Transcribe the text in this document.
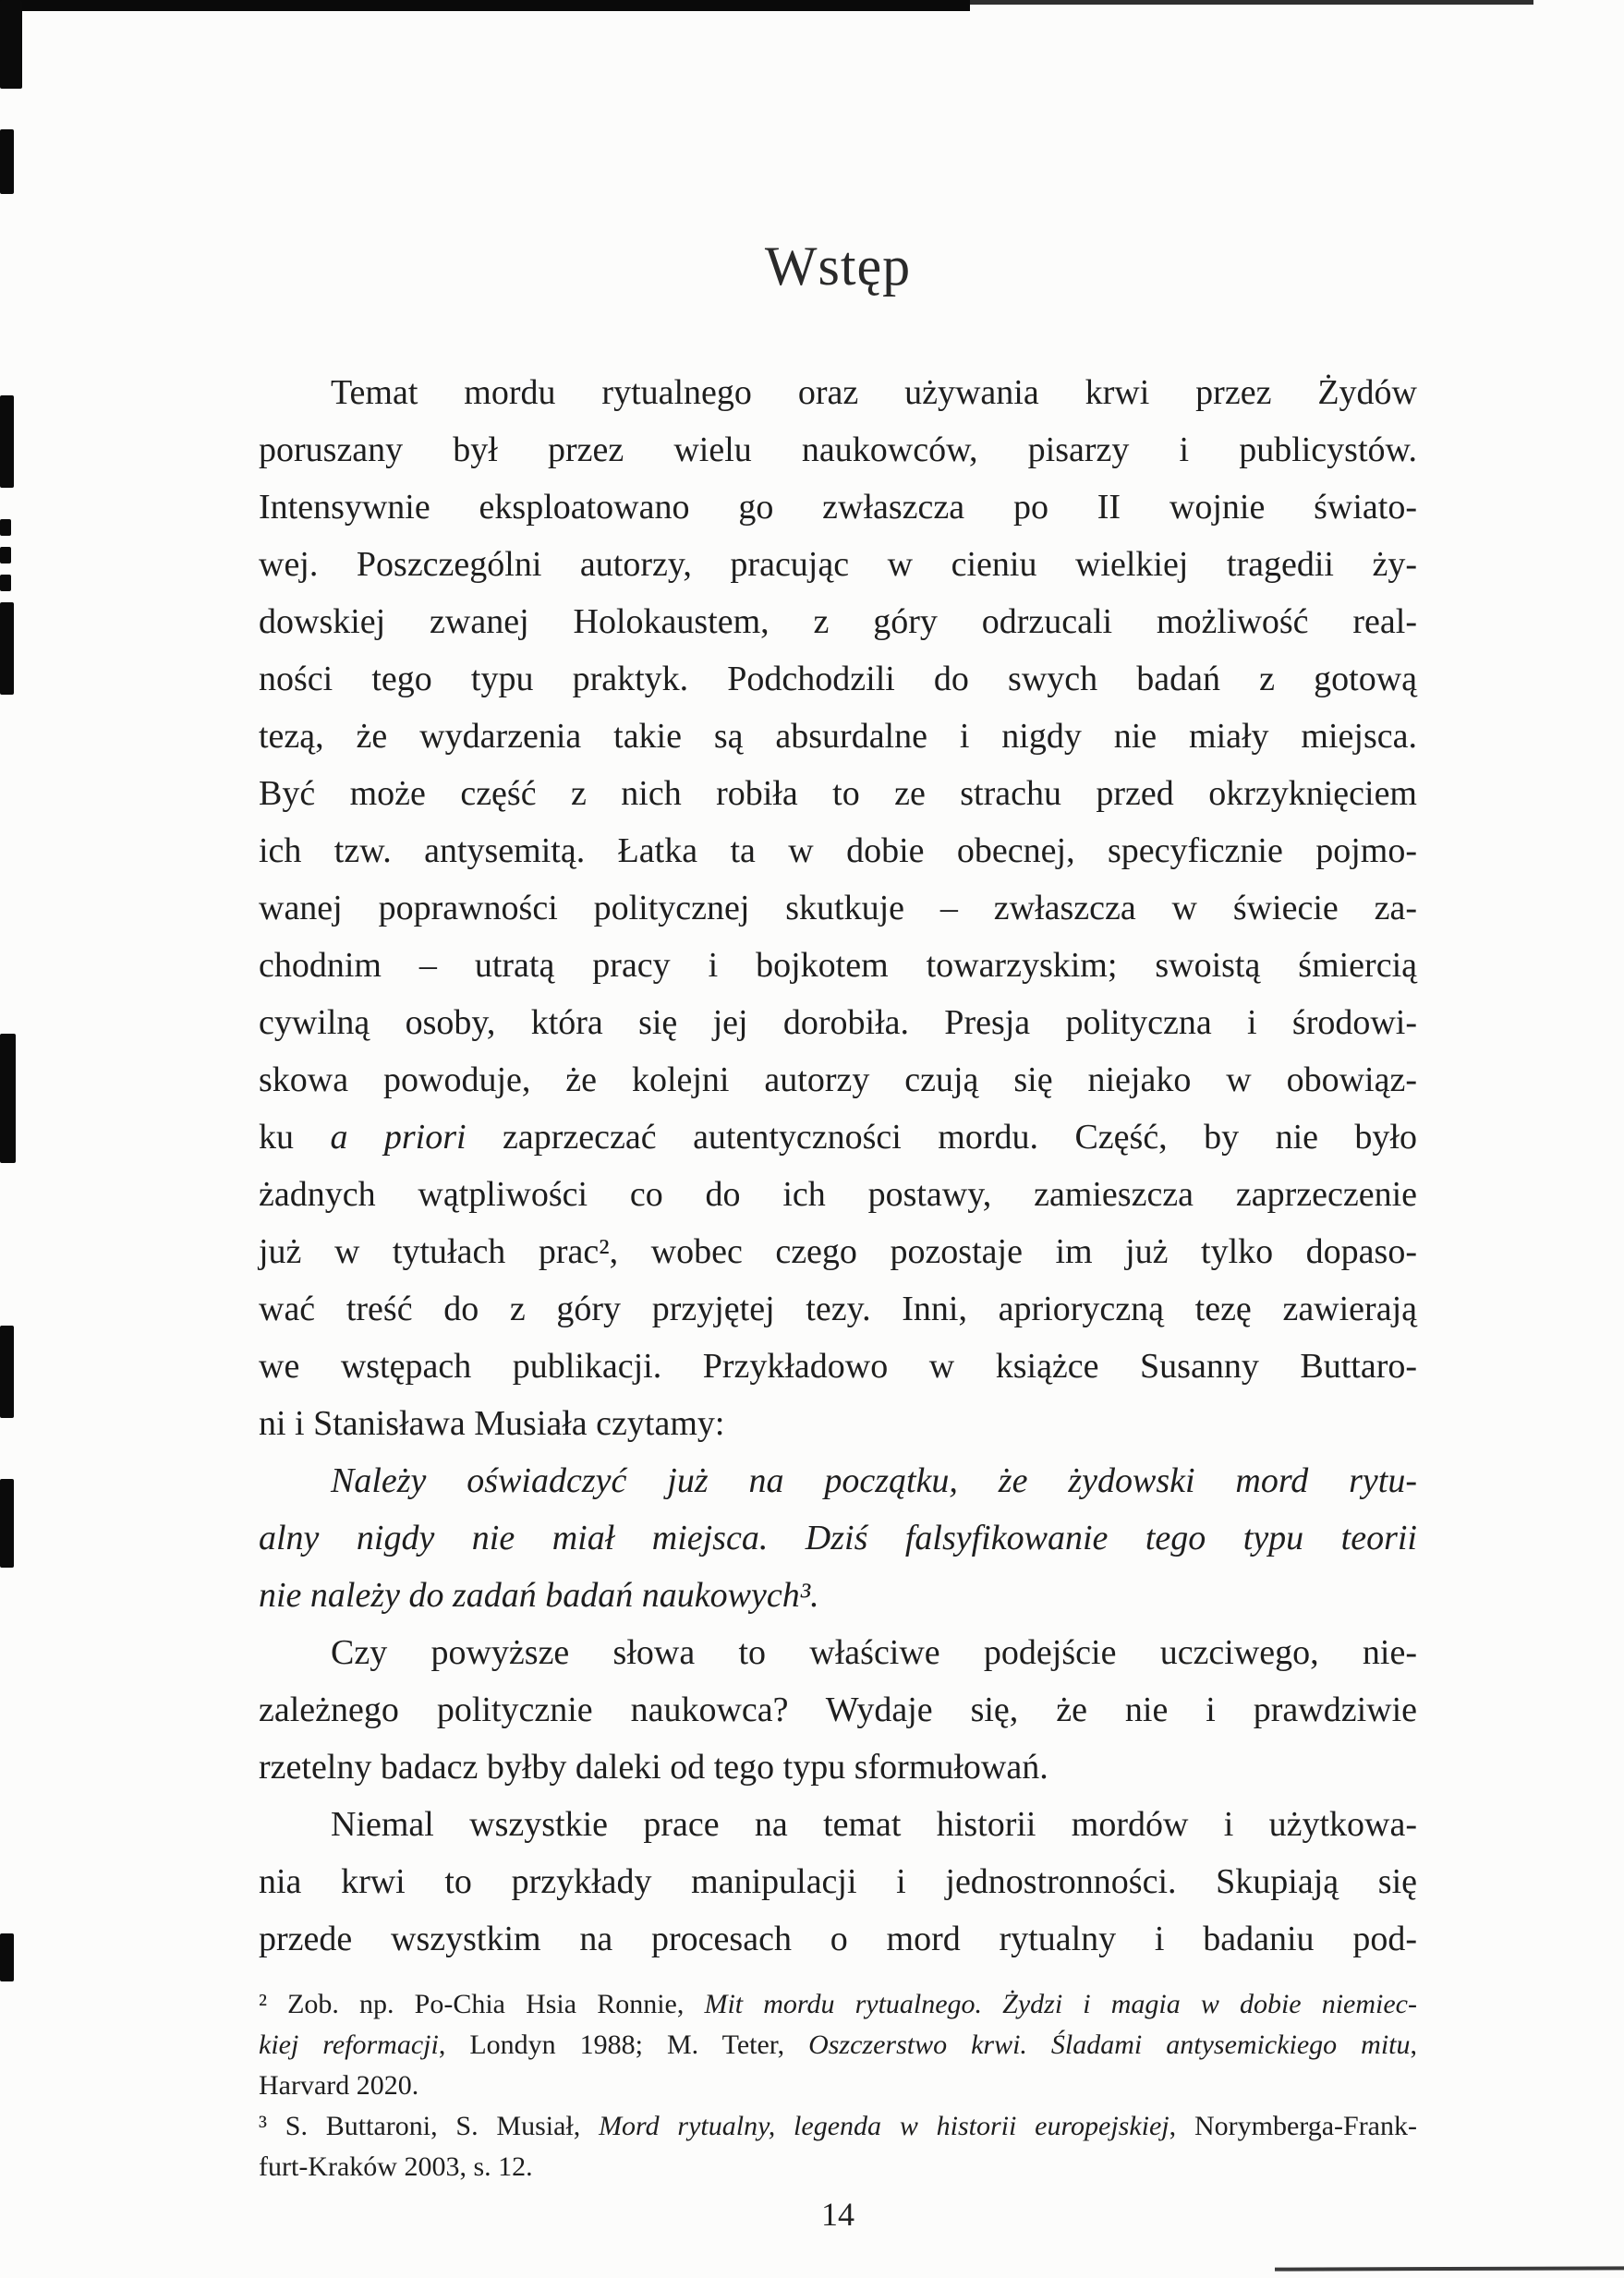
Wstęp
Temat mordu rytualnego oraz używania krwi przez Żydów
poruszany był przez wielu naukowców, pisarzy i publicystów.
Intensywnie eksploatowano go zwłaszcza po II wojnie świato-
wej. Poszczególni autorzy, pracując w cieniu wielkiej tragedii ży-
dowskiej zwanej Holokaustem, z góry odrzucali możliwość real-
ności tego typu praktyk. Podchodzili do swych badań z gotową
tezą, że wydarzenia takie są absurdalne i nigdy nie miały miejsca.
Być może część z nich robiła to ze strachu przed okrzyknięciem
ich tzw. antysemitą. Łatka ta w dobie obecnej, specyficznie pojmo-
wanej poprawności politycznej skutkuje – zwłaszcza w świecie za-
chodnim – utratą pracy i bojkotem towarzyskim; swoistą śmiercią
cywilną osoby, która się jej dorobiła. Presja polityczna i środowi-
skowa powoduje, że kolejni autorzy czują się niejako w obowiąz-
ku a priori zaprzeczać autentyczności mordu. Część, by nie było
żadnych wątpliwości co do ich postawy, zamieszcza zaprzeczenie
już w tytułach prac², wobec czego pozostaje im już tylko dopaso-
wać treść do z góry przyjętej tezy. Inni, aprioryczną tezę zawierają
we wstępach publikacji. Przykładowo w książce Susanny Buttaro-
ni i Stanisława Musiała czytamy:
Należy oświadczyć już na początku, że żydowski mord rytu-
alny nigdy nie miał miejsca. Dziś falsyfikowanie tego typu teorii
nie należy do zadań badań naukowych³.
Czy powyższe słowa to właściwe podejście uczciwego, nie-
zależnego politycznie naukowca? Wydaje się, że nie i prawdziwie
rzetelny badacz byłby daleki od tego typu sformułowań.
Niemal wszystkie prace na temat historii mordów i użytkowa-
nia krwi to przykłady manipulacji i jednostronności. Skupiają się
przede wszystkim na procesach o mord rytualny i badaniu pod-
² Zob. np. Po-Chia Hsia Ronnie, Mit mordu rytualnego. Żydzi i magia w dobie niemiec-
kiej reformacji, Londyn 1988; M. Teter, Oszczerstwo krwi. Śladami antysemickiego mitu,
Harvard 2020.
³ S. Buttaroni, S. Musiał, Mord rytualny, legenda w historii europejskiej, Norymberga-Frank-
furt-Kraków 2003, s. 12.
14
